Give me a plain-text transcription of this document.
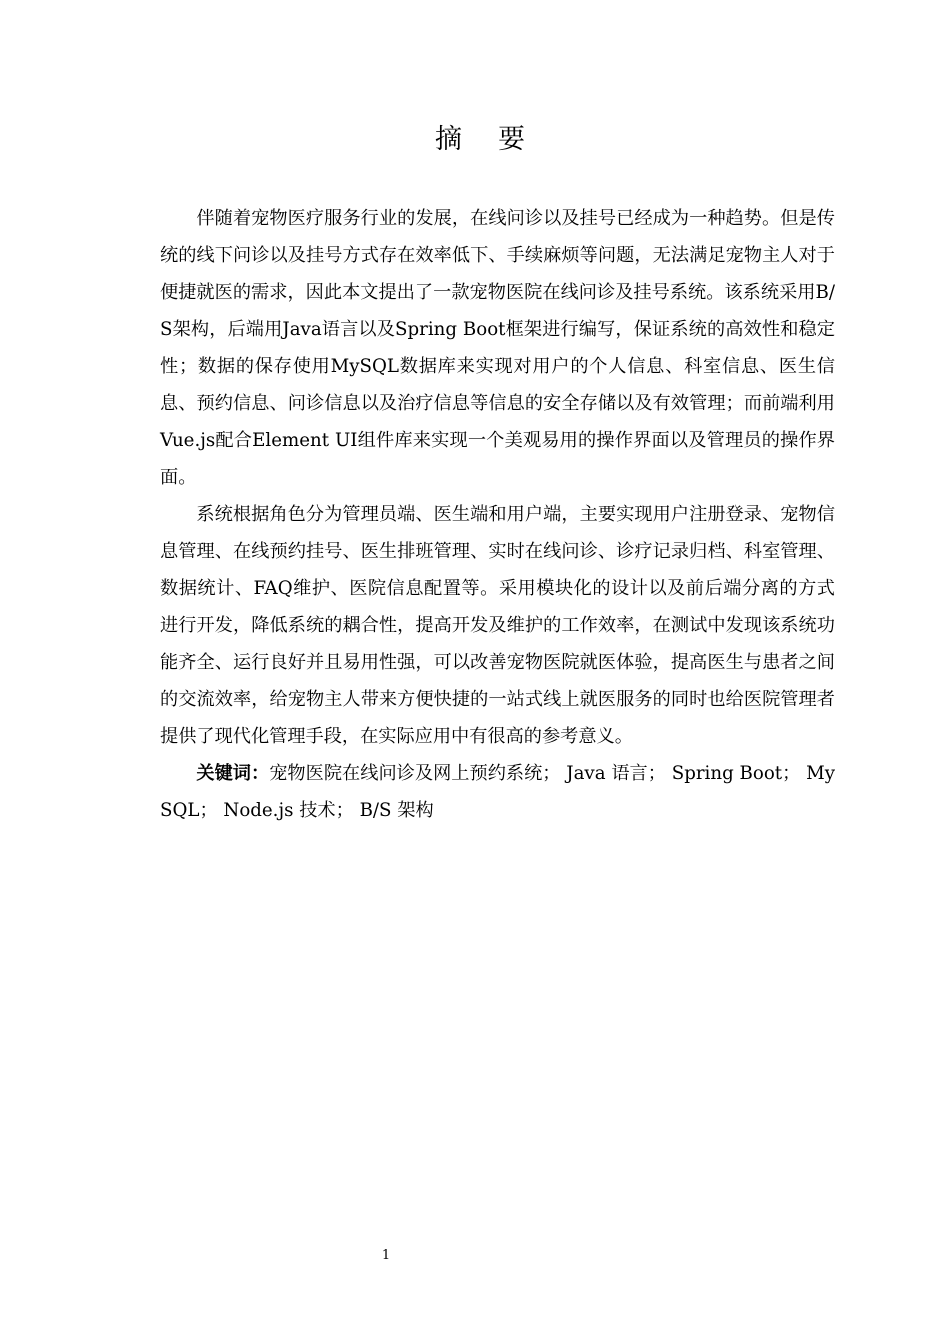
摘要

伴随着宠物医疗服务行业的发展，在线问诊以及挂号已经成为一种趋势。但是传统的线下问诊以及挂号方式存在效率低下、手续麻烦等问题，无法满足宠物主人对于便捷就医的需求，因此本文提出了一款宠物医院在线问诊及挂号系统。该系统采用B/S架构，后端用Java语言以及Spring Boot框架进行编写，保证系统的高效性和稳定性；数据的保存使用MySQL数据库来实现对用户的个人信息、科室信息、医生信息、预约信息、问诊信息以及治疗信息等信息的安全存储以及有效管理；而前端利用Vue.js配合Element UI组件库来实现一个美观易用的操作界面以及管理员的操作界面。

系统根据角色分为管理员端、医生端和用户端，主要实现用户注册登录、宠物信息管理、在线预约挂号、医生排班管理、实时在线问诊、诊疗记录归档、科室管理、数据统计、FAQ维护、医院信息配置等。采用模块化的设计以及前后端分离的方式进行开发，降低系统的耦合性，提高开发及维护的工作效率，在测试中发现该系统功能齐全、运行良好并且易用性强，可以改善宠物医院就医体验，提高医生与患者之间的交流效率，给宠物主人带来方便快捷的一站式线上就医服务的同时也给医院管理者提供了现代化管理手段，在实际应用中有很高的参考意义。

关键词：宠物医院在线问诊及网上预约系统； Java 语言； Spring Boot； MySQL； Node.js 技术； B/S 架构

1
